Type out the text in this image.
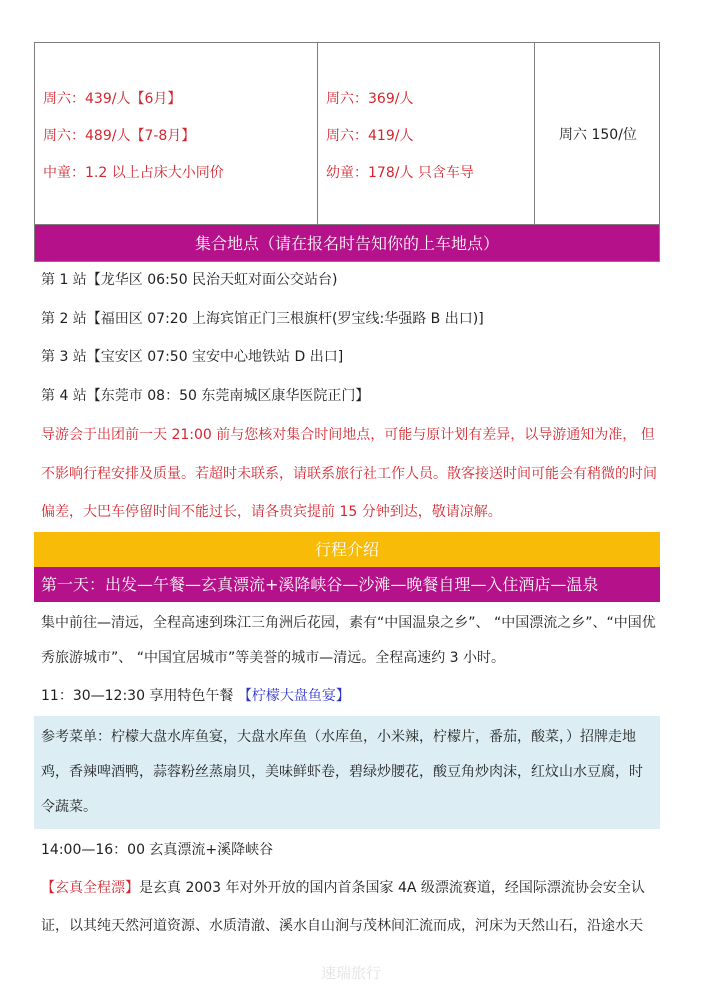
周六：439/人【6月】
周六：489/人【7-8月】
中童：1.2 以上占床大小同价
周六：369/人
周六：419/人
幼童：178/人 只含车导
周六 150/位
集合地点（请在报名时告知你的上车地点）
第 1 站【龙华区 06:50 民治天虹对面公交站台)
第 2 站【福田区 07:20 上海宾馆正门三根旗杆(罗宝线:华强路 B 出口)]
第 3 站【宝安区 07:50 宝安中心地铁站 D 出口]
第 4 站【东莞市 08：50 东莞南城区康华医院正门】
导游会于出团前一天 21:00 前与您核对集合时间地点，可能与原计划有差异，以导游通知为准， 但不影响行程安排及质量。若超时未联系，请联系旅行社工作人员。散客接送时间可能会有稍微的时间偏差，大巴车停留时间不能过长，请各贵宾提前 15 分钟到达，敬请凉解。
行程介绍
第一天：出发—午餐—玄真漂流+溪降峡谷—沙滩—晚餐自理—入住酒店—温泉
集中前往—清远，全程高速到珠江三角洲后花园，素有“中国温泉之乡”、 “中国漂流之乡”、“中国优秀旅游城市”、 “中国宜居城市”等美誉的城市—清远。全程高速约 3 小时。
11：30—12:30 享用特色午餐 【柠檬大盘鱼宴】
参考菜单：柠檬大盘水库鱼宴，大盘水库鱼（水库鱼，小米辣，柠檬片，番茄，酸菜，）招牌走地鸡，香辣啤酒鸭，蒜蓉粉丝蒸扇贝，美味鲜虾卷，碧绿炒腰花，酸豆角炒肉沫，红炆山水豆腐，时令蔬菜。
14:00—16：00 玄真漂流+溪降峡谷
【玄真全程漂】是玄真 2003 年对外开放的国内首条国家 4A 级漂流赛道，经国际漂流协会安全认证，以其纯天然河道资源、水质清澈、溪水自山涧与茂林间汇流而成，河床为天然山石，沿途水天
速瑞旅行
